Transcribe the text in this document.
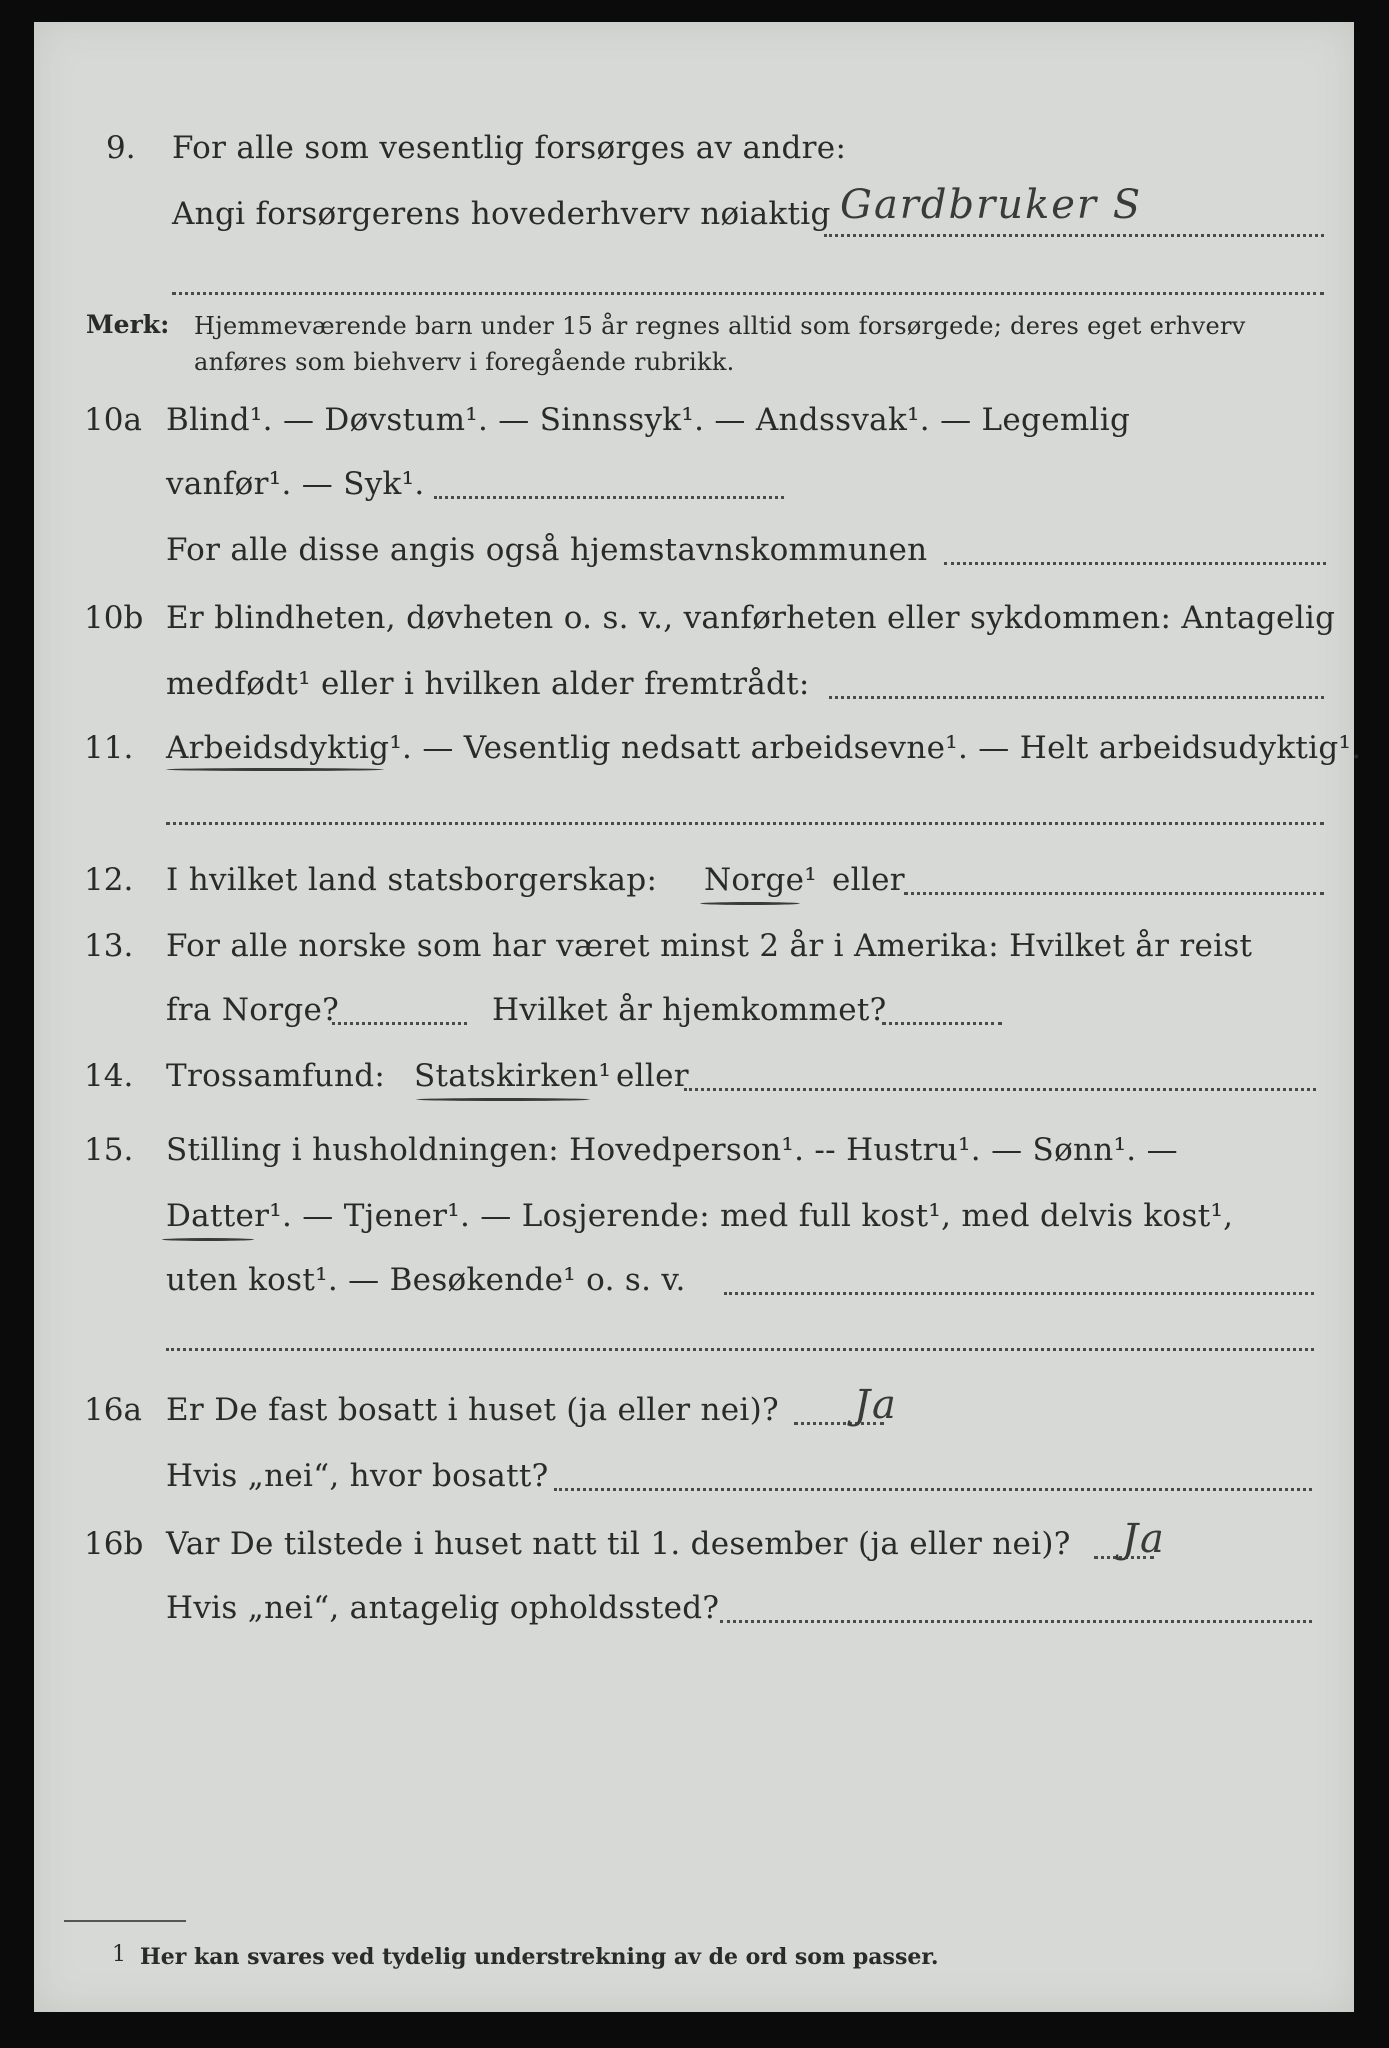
9. For alle som vesentlig forsørges av andre:
Angi forsørgerens hovederhverv nøiaktig Gardbruker S
Merk: Hjemmeværende barn under 15 år regnes alltid som forsørgede; deres eget erhverv
anføres som biehverv i foregående rubrikk.
10a Blind¹. — Døvstum¹. — Sinnssyk¹. — Andssvak¹. — Legemlig
vanfør¹. — Syk¹.
For alle disse angis også hjemstavnskommunen
10b Er blindheten, døvheten o. s. v., vanførheten eller sykdommen: Antagelig
medfødt¹ eller i hvilken alder fremtrådt:
11. Arbeidsdyktig¹. — Vesentlig nedsatt arbeidsevne¹. — Helt arbeidsudyktig¹.
12. I hvilket land statsborgerskap: Norge¹ eller
13. For alle norske som har været minst 2 år i Amerika: Hvilket år reist
fra Norge?	Hvilket år hjemkommet?
14. Trossamfund: Statskirken¹ eller
15. Stilling i husholdningen: Hovedperson¹. -- Hustru¹. — Sønn¹. —
Datter¹. — Tjener¹. — Losjerende: med full kost¹, med delvis kost¹,
uten kost¹. — Besøkende¹ o. s. v.
16a Er De fast bosatt i huset (ja eller nei)? Ja
Hvis „nei“, hvor bosatt?
16b Var De tilstede i huset natt til 1. desember (ja eller nei)? Ja
Hvis „nei“, antagelig opholdssted?
1 Her kan svares ved tydelig understrekning av de ord som passer.
